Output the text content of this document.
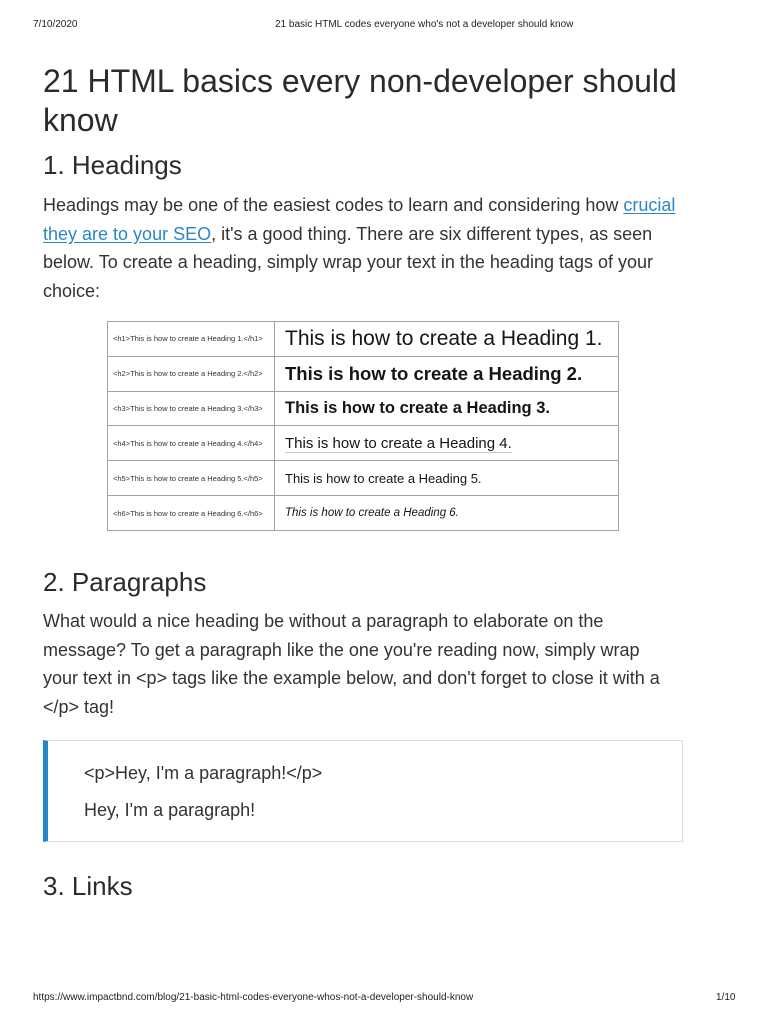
7/10/2020	21 basic HTML codes everyone who's not a developer should know
21 HTML basics every non-developer should know
1. Headings

Headings may be one of the easiest codes to learn and considering how crucial they are to your SEO, it's a good thing. There are six different types, as seen below. To create a heading, simply wrap your text in the heading tags of your choice:

<h1>This is how to create a Heading 1.</h1>	This is how to create a Heading 1.
<h2>This is how to create a Heading 2.</h2>	This is how to create a Heading 2.
<h3>This is how to create a Heading 3.</h3>	This is how to create a Heading 3.
<h4>This is how to create a Heading 4.</h4>	This is how to create a Heading 4.
<h5>This is how to create a Heading 5.</h5>	This is how to create a Heading 5.
<h6>This is how to create a Heading 6.</h6>	This is how to create a Heading 6.
2. Paragraphs

What would a nice heading be without a paragraph to elaborate on the message? To get a paragraph like the one you're reading now, simply wrap your text in <p> tags like the example below, and don't forget to close it with a </p> tag!

<p>Hey, I'm a paragraph!</p>
Hey, I'm a paragraph!
3. Links
https://www.impactbnd.com/blog/21-basic-html-codes-everyone-whos-not-a-developer-should-know	1/10
